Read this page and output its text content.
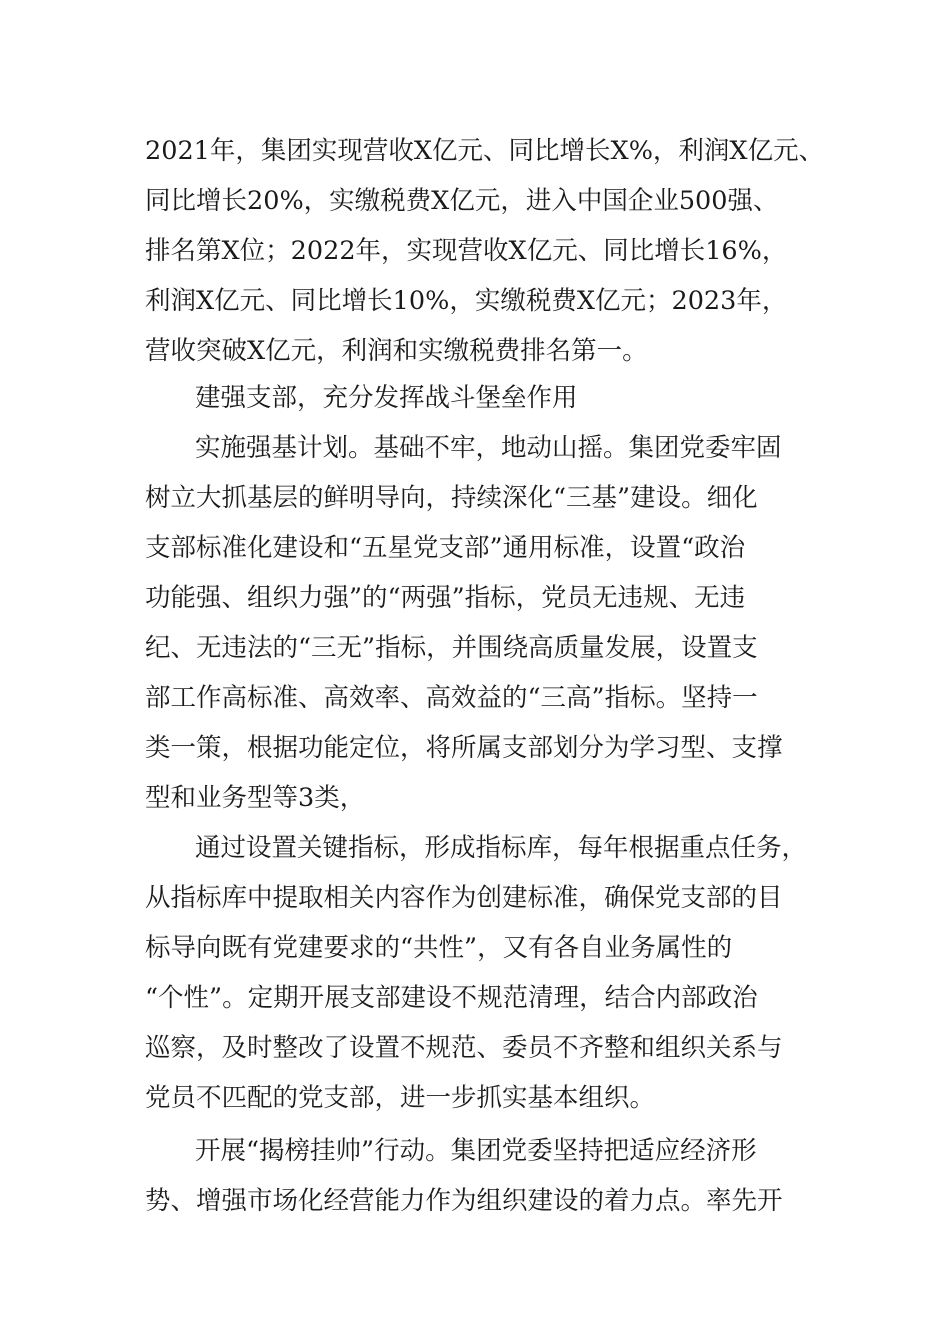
2021年，集团实现营收X亿元、同比增长X%，利润X亿元、
同比增长20%，实缴税费X亿元，进入中国企业500强、
排名第X位；2022年，实现营收X亿元、同比增长16%，
利润X亿元、同比增长10%，实缴税费X亿元；2023年，
营收突破X亿元，利润和实缴税费排名第一。
建强支部，充分发挥战斗堡垒作用
实施强基计划。基础不牢，地动山摇。集团党委牢固
树立大抓基层的鲜明导向，持续深化“三基”建设。细化
支部标准化建设和“五星党支部”通用标准，设置“政治
功能强、组织力强”的“两强”指标，党员无违规、无违
纪、无违法的“三无”指标，并围绕高质量发展，设置支
部工作高标准、高效率、高效益的“三高”指标。坚持一
类一策，根据功能定位，将所属支部划分为学习型、支撑
型和业务型等3类，
通过设置关键指标，形成指标库，每年根据重点任务，
从指标库中提取相关内容作为创建标准，确保党支部的目
标导向既有党建要求的“共性”，又有各自业务属性的
“个性”。定期开展支部建设不规范清理，结合内部政治
巡察，及时整改了设置不规范、委员不齐整和组织关系与
党员不匹配的党支部，进一步抓实基本组织。
开展“揭榜挂帅”行动。集团党委坚持把适应经济形
势、增强市场化经营能力作为组织建设的着力点。率先开
